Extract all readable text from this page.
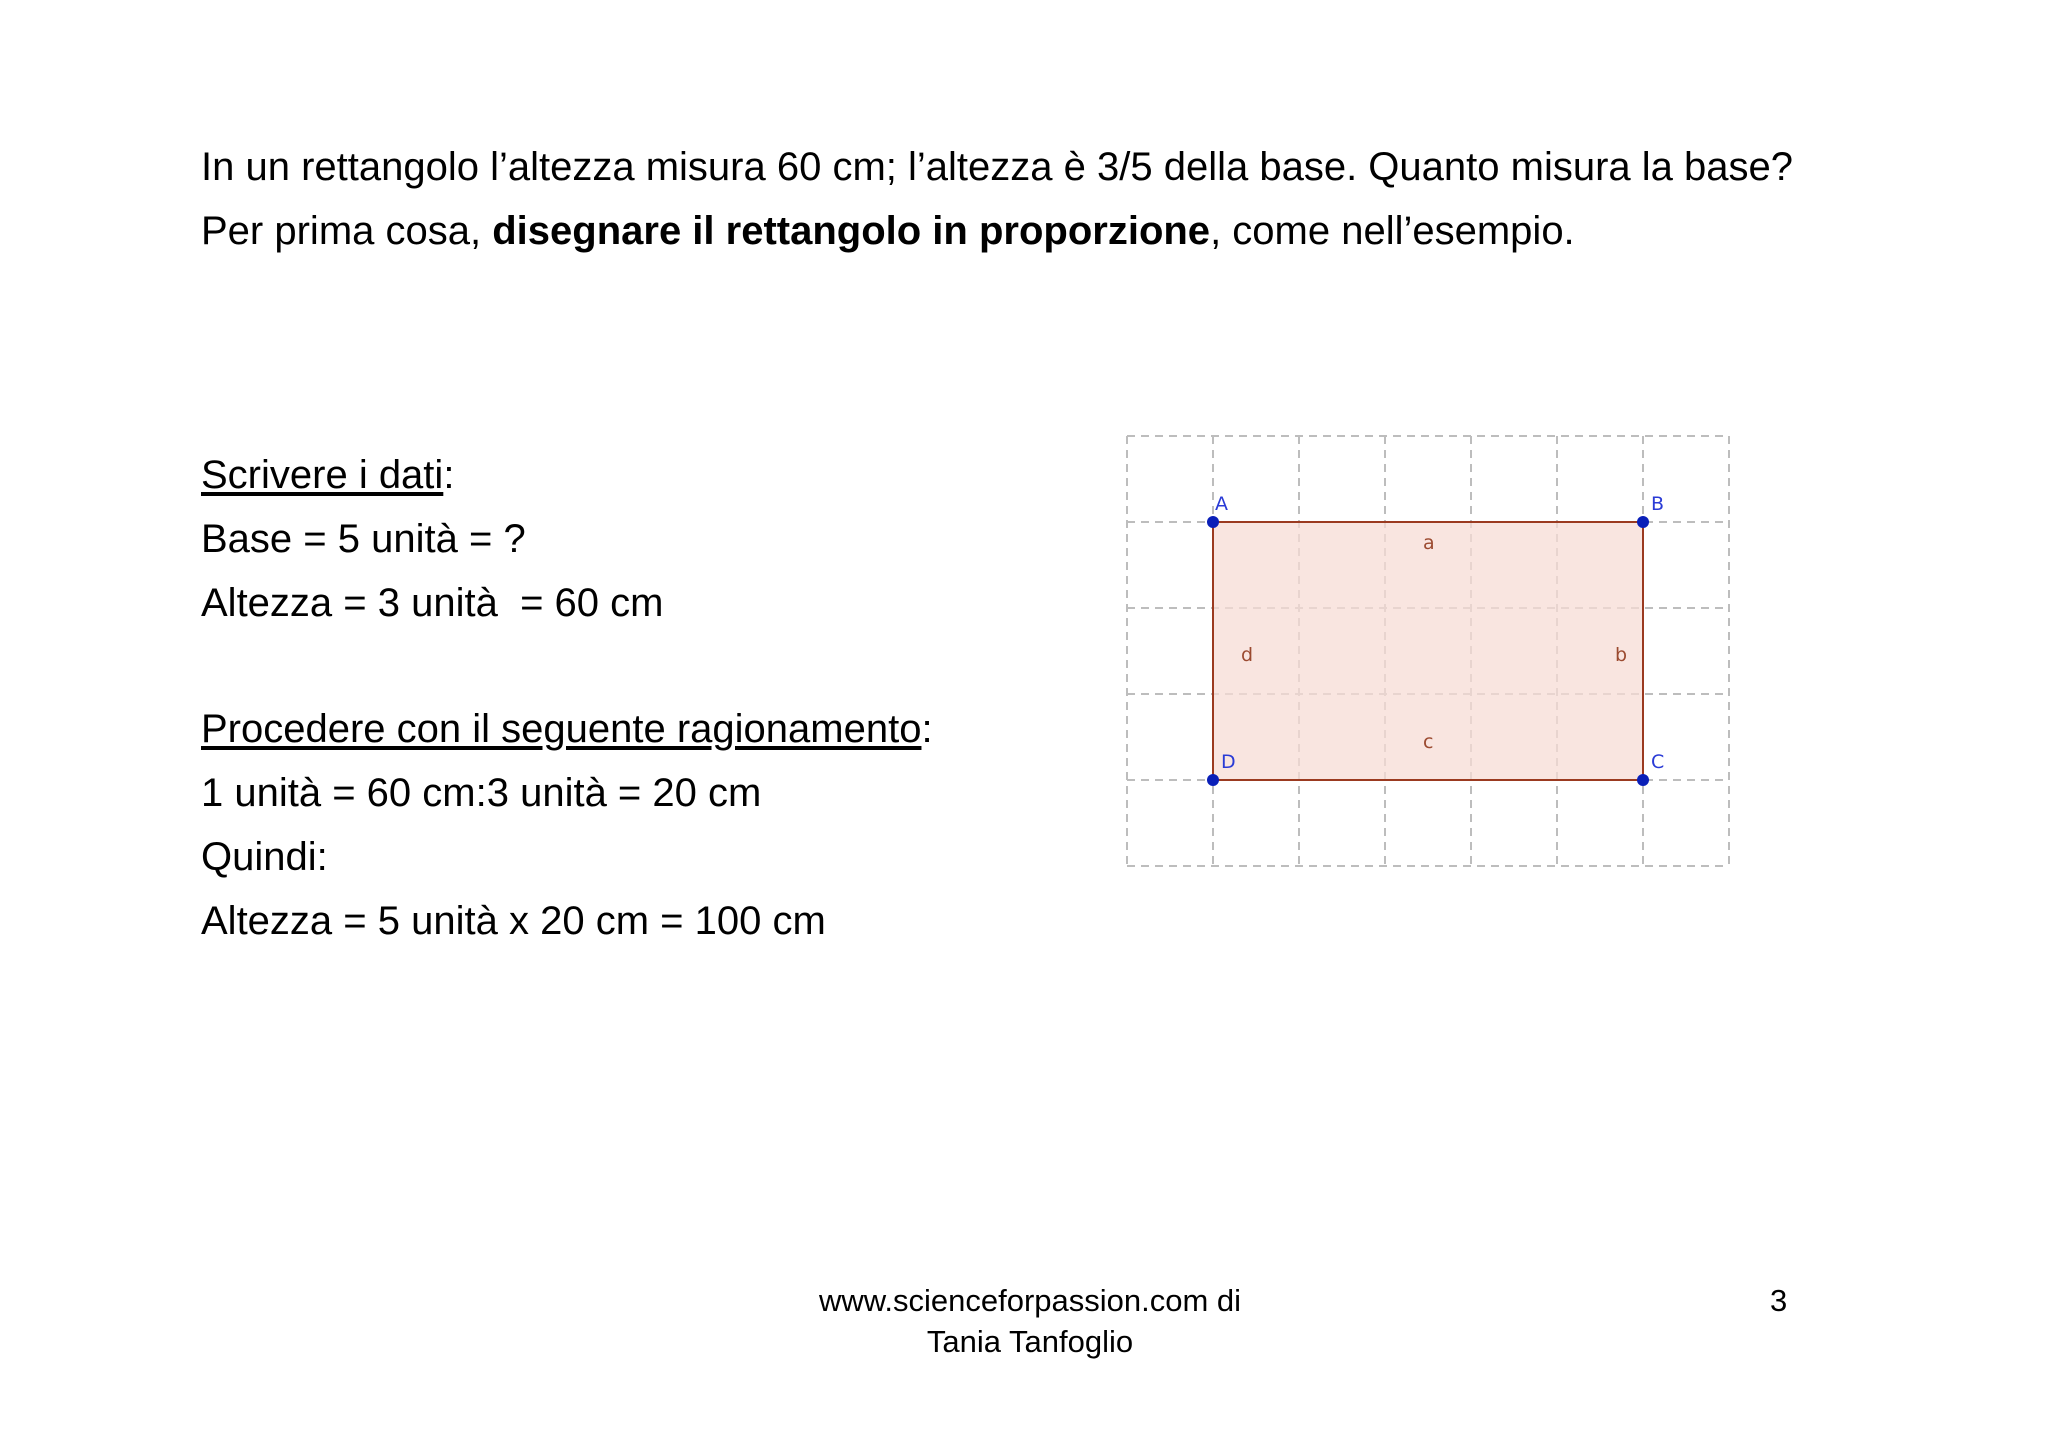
In un rettangolo l’altezza misura 60 cm; l’altezza è 3/5 della base. Quanto misura la base?

Per prima cosa, disegnare il rettangolo in proporzione, come nell’esempio.

Scrivere i dati:
Base = 5 unità = ?
Altezza = 3 unità  = 60 cm
Procedere con il seguente ragionamento:
1 unità = 60 cm:3 unità = 20 cm
Quindi:
Altezza = 5 unità x 20 cm = 100 cm
A	B
C
D
a
b
c
d
www.scienceforpassion.com di
Tania Tanfoglio
3
